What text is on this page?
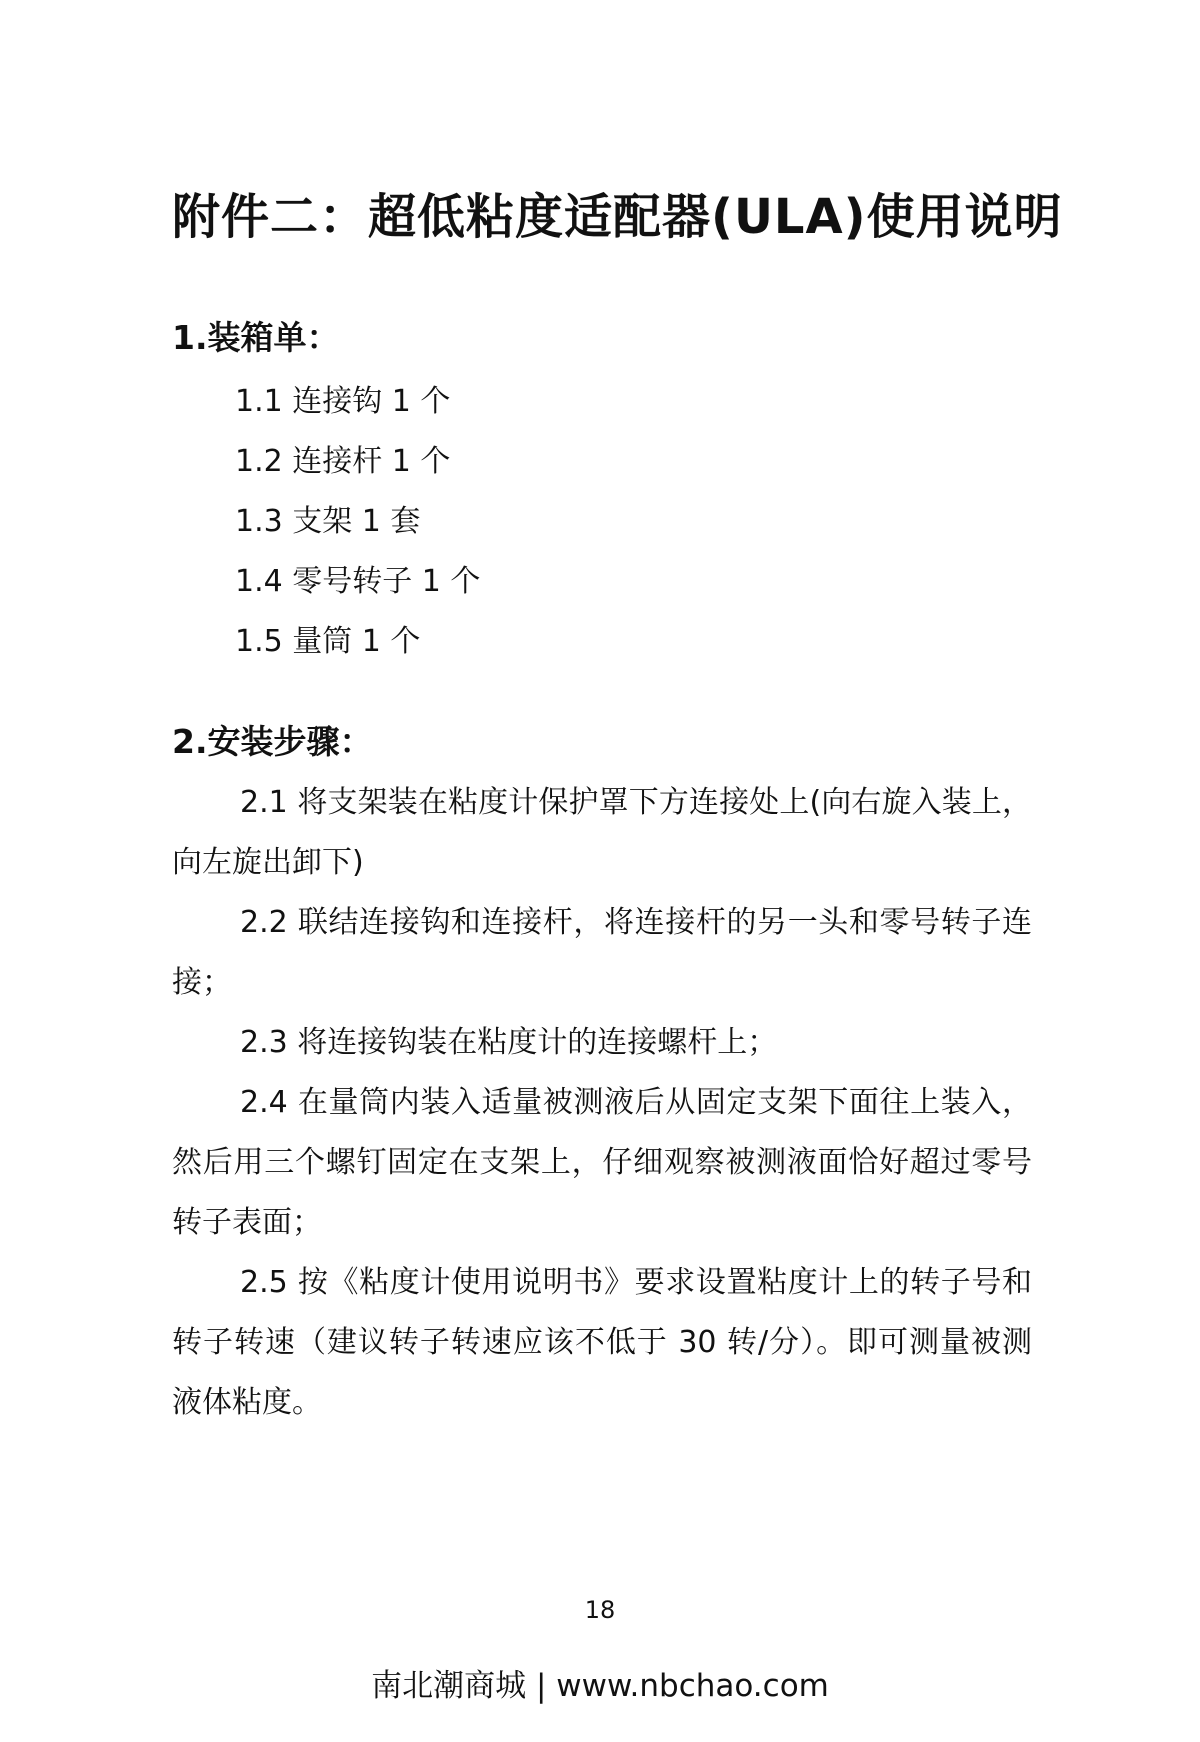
附件二：超低粘度适配器(ULA)使用说明
1.装箱单：
1.1 连接钩 1 个
1.2 连接杆 1 个
1.3 支架 1 套
1.4 零号转子 1 个
1.5 量筒 1 个
2.安装步骤：
2.1 将支架装在粘度计保护罩下方连接处上(向右旋入装上，向左旋出卸下)
2.2 联结连接钩和连接杆，将连接杆的另一头和零号转子连接；
2.3 将连接钩装在粘度计的连接螺杆上；
2.4 在量筒内装入适量被测液后从固定支架下面往上装入，然后用三个螺钉固定在支架上，仔细观察被测液面恰好超过零号转子表面；
2.5 按《粘度计使用说明书》要求设置粘度计上的转子号和转子转速（建议转子转速应该不低于 30 转/分）。即可测量被测液体粘度。
18
南北潮商城 | www.nbchao.com
